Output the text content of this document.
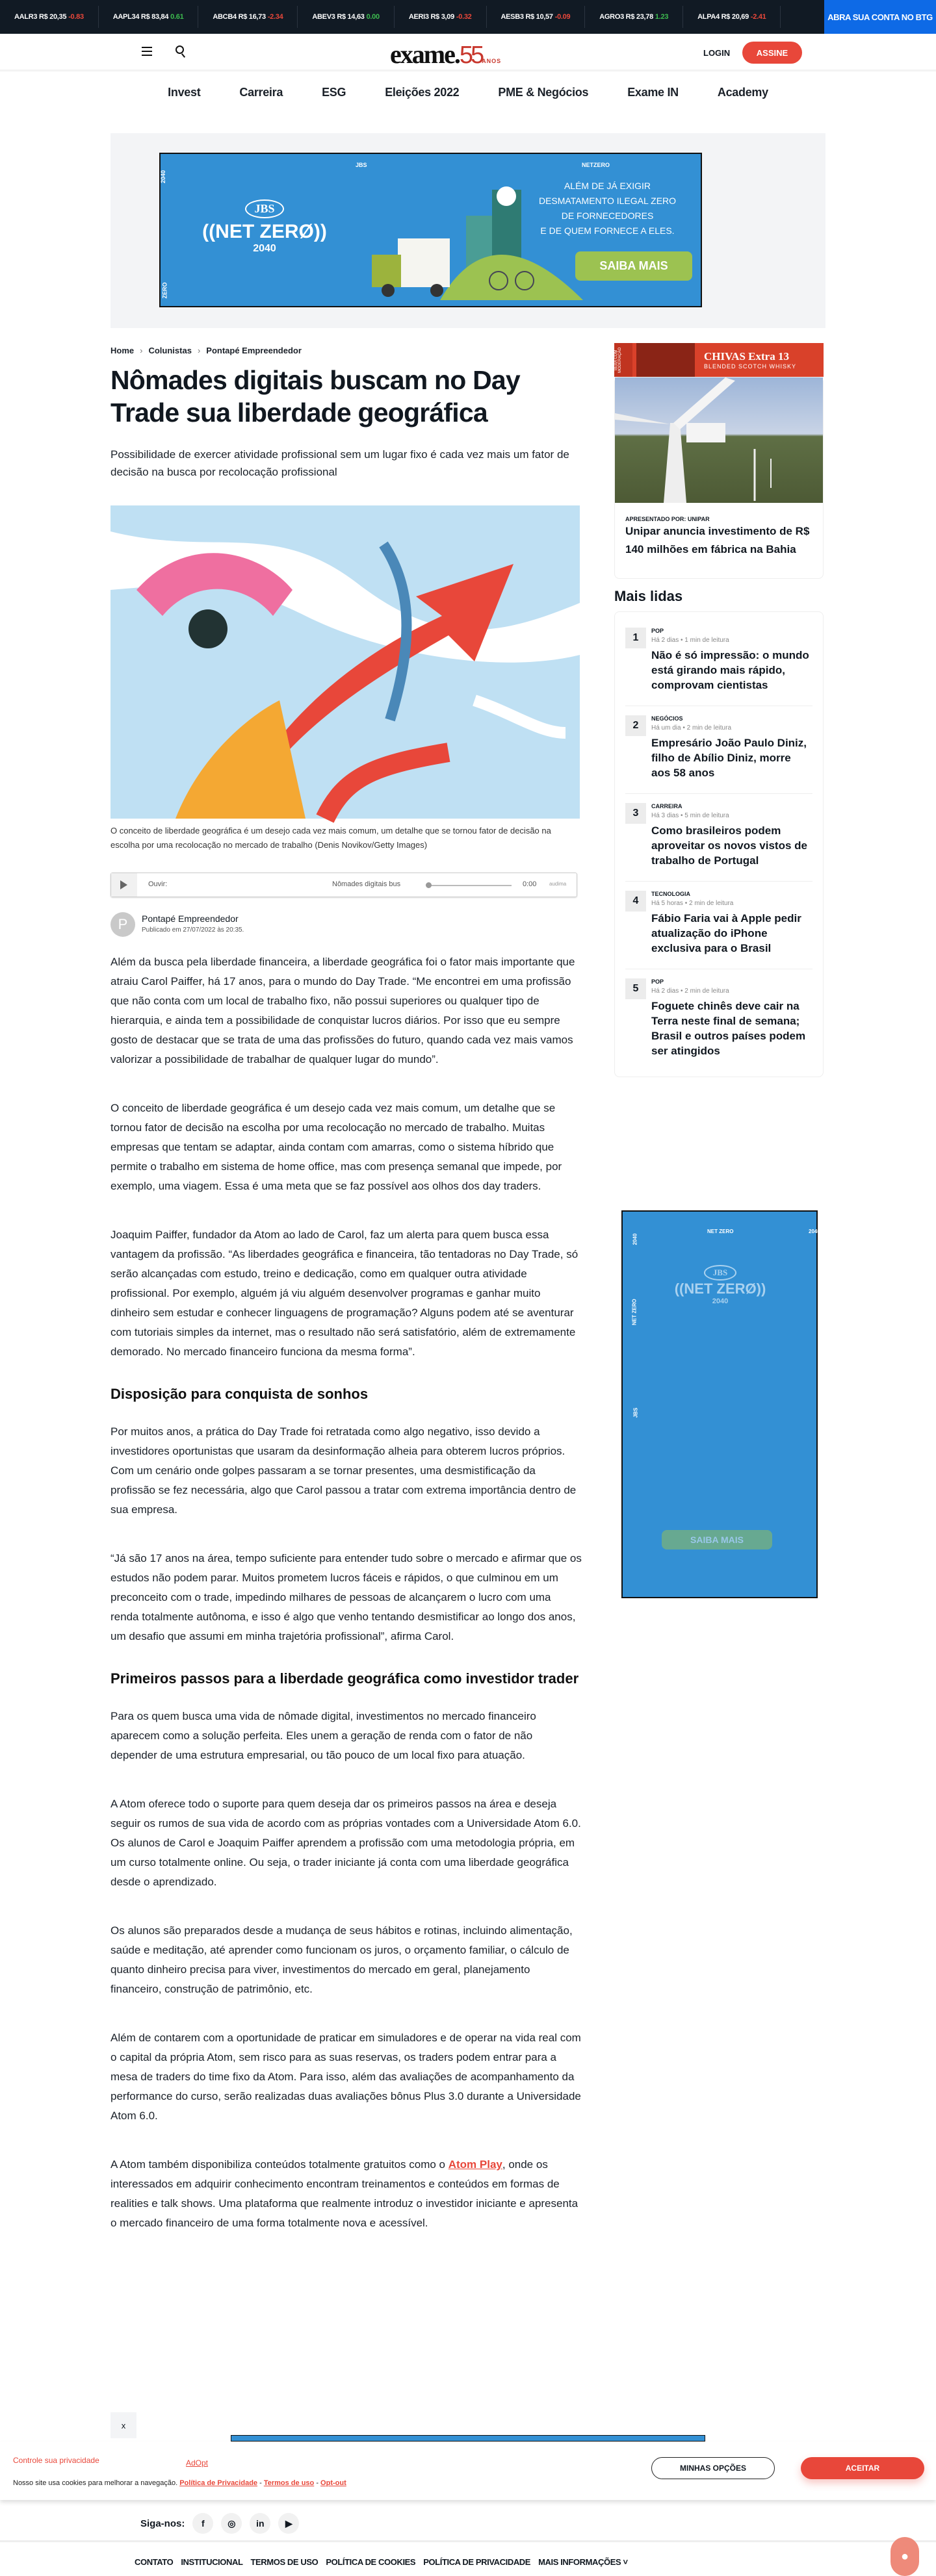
AALR3
R$ 20,35 -0.83	AAPL34
R$ 83,84 0.61	ABCB4
R$ 16,73 -2.34	ABEV3
R$ 14,63 0.00	AERI3
R$ 3,09 -0.32	AESB3
R$ 10,57 -0.09	AGRO3
R$ 23,78 1.23	ALPA4
R$ 20,69 -2.41	ABRA SUA CONTA NO BTG
exame.55ANOS
LOGIN	ASSINE
Invest	Carreira	ESG	Eleições 2022	PME & Negócios	Exame IN	Academy
2040
ZERO
JBS	NETZERO
JBS
((NET ZERØ))
2040
ALÉM DE JÁ EXIGIR
DESMATAMENTO ILEGAL ZERO
DE FORNECEDORES
E DE QUEM FORNECE A ELES.
SAIBA MAIS
Home › Colunistas › Pontapé Empreendedor
Nômades digitais buscam no Day Trade sua liberdade geográfica
Possibilidade de exercer atividade profissional sem um lugar fixo é cada vez mais um fator de decisão na busca por recolocação profissional
O conceito de liberdade geográfica é um desejo cada vez mais comum, um detalhe que se tornou fator de decisão na escolha por uma recolocação no mercado de trabalho (Denis Novikov/Getty Images)
Ouvir:	Nômades digitais bus	0:00 audima
P	Pontapé Empreendedor
Publicado em 27/07/2022 às 20:35.

Além da busca pela liberdade financeira, a liberdade geográfica foi o fator mais importante que atraiu Carol Paiffer, há 17 anos, para o mundo do Day Trade. “Me encontrei em uma profissão que não conta com um local de trabalho fixo, não possui superiores ou qualquer tipo de hierarquia, e ainda tem a possibilidade de conquistar lucros diários. Por isso que eu sempre gosto de destacar que se trata de uma das profissões do futuro, quando cada vez mais vamos valorizar a possibilidade de trabalhar de qualquer lugar do mundo”.

O conceito de liberdade geográfica é um desejo cada vez mais comum, um detalhe que se tornou fator de decisão na escolha por uma recolocação no mercado de trabalho. Muitas empresas que tentam se adaptar, ainda contam com amarras, como o sistema híbrido que permite o trabalho em sistema de home office, mas com presença semanal que impede, por exemplo, uma viagem. Essa é uma meta que se faz possível aos olhos dos day traders.

Joaquim Paiffer, fundador da Atom ao lado de Carol, faz um alerta para quem busca essa vantagem da profissão. “As liberdades geográfica e financeira, tão tentadoras no Day Trade, só serão alcançadas com estudo, treino e dedicação, como em qualquer outra atividade profissional. Por exemplo, alguém já viu alguém desenvolver programas e ganhar muito dinheiro sem estudar e conhecer linguagens de programação? Alguns podem até se aventurar com tutoriais simples da internet, mas o resultado não será satisfatório, além de extremamente demorado. No mercado financeiro funciona da mesma forma”.

Disposição para conquista de sonhos

Por muitos anos, a prática do Day Trade foi retratada como algo negativo, isso devido a investidores oportunistas que usaram da desinformação alheia para obterem lucros próprios. Com um cenário onde golpes passaram a se tornar presentes, uma desmistificação da profissão se fez necessária, algo que Carol passou a tratar com extrema importância dentro de sua empresa.

“Já são 17 anos na área, tempo suficiente para entender tudo sobre o mercado e afirmar que os estudos não podem parar. Muitos prometem lucros fáceis e rápidos, o que culminou em um preconceito com o trade, impedindo milhares de pessoas de alcançarem o lucro com uma renda totalmente autônoma, e isso é algo que venho tentando desmistificar ao longo dos anos, um desafio que assumi em minha trajetória profissional”, afirma Carol.

Primeiros passos para a liberdade geográfica como investidor trader

Para os quem busca uma vida de nômade digital, investimentos no mercado financeiro aparecem como a solução perfeita. Eles unem a geração de renda com o fator de não depender de uma estrutura empresarial, ou tão pouco de um local fixo para atuação.

A Atom oferece todo o suporte para quem deseja dar os primeiros passos na área e deseja seguir os rumos de sua vida de acordo com as próprias vontades com a Universidade Atom 6.0. Os alunos de Carol e Joaquim Paiffer aprendem a profissão com uma metodologia própria, em um curso totalmente online. Ou seja, o trader iniciante já conta com uma liberdade geográfica desde o aprendizado.

Os alunos são preparados desde a mudança de seus hábitos e rotinas, incluindo alimentação, saúde e meditação, até aprender como funcionam os juros, o orçamento familiar, o cálculo de quanto dinheiro precisa para viver, investimentos do mercado em geral, planejamento financeiro, construção de patrimônio, etc.

Além de contarem com a oportunidade de praticar em simuladores e de operar na vida real com o capital da própria Atom, sem risco para as suas reservas, os traders podem entrar para a mesa de traders do time fixo da Atom. Para isso, além das avaliações de acompanhamento da performance do curso, serão realizadas duas avaliações bônus Plus 3.0 durante a Universidade Atom 6.0.

A Atom também disponibiliza conteúdos totalmente gratuitos como o Atom Play, onde os interessados em adquirir conhecimento encontram treinamentos e conteúdos em formas de realities e talk shows. Uma plataforma que realmente introduz o investidor iniciante e apresenta o mercado financeiro de uma forma totalmente nova e acessível.

BEBA COM MODERAÇÃO	CHIVAS Extra 13
BLENDED SCOTCH WHISKY
APRESENTADO POR: UNIPAR
Unipar anuncia investimento de R$ 140 milhões em fábrica na Bahia
Mais lidas
1
POP
Há 2 dias • 1 min de leitura
Não é só impressão: o mundo está girando mais rápido, comprovam cientistas
2
NEGÓCIOS
Há um dia • 2 min de leitura
Empresário João Paulo Diniz, filho de Abílio Diniz, morre aos 58 anos
3
CARREIRA
Há 3 dias • 5 min de leitura
Como brasileiros podem aproveitar os novos vistos de trabalho de Portugal
4
TECNOLOGIA
Há 5 horas • 2 min de leitura
Fábio Faria vai à Apple pedir atualização do iPhone exclusiva para o Brasil
5
POP
Há 2 dias • 2 min de leitura
Foguete chinês deve cair na Terra neste final de semana; Brasil e outros países podem ser atingidos
NET ZERO	2040
2040
NET ZERO
JBS
JBS
((NET ZERØ))
2040
SAIBA MAIS
x
Controle sua privacidade	AdOpt
Nosso site usa cookies para melhorar a navegação. Política de Privacidade - Termos de uso - Opt-out
MINHAS OPÇÕES	ACEITAR
Siga-nos:	f	◎	in	▶
CONTATO INSTITUCIONAL TERMOS DE USO POLÍTICA DE COOKIES POLÍTICA DE PRIVACIDADE MAIS INFORMAÇÕES ˅	●
